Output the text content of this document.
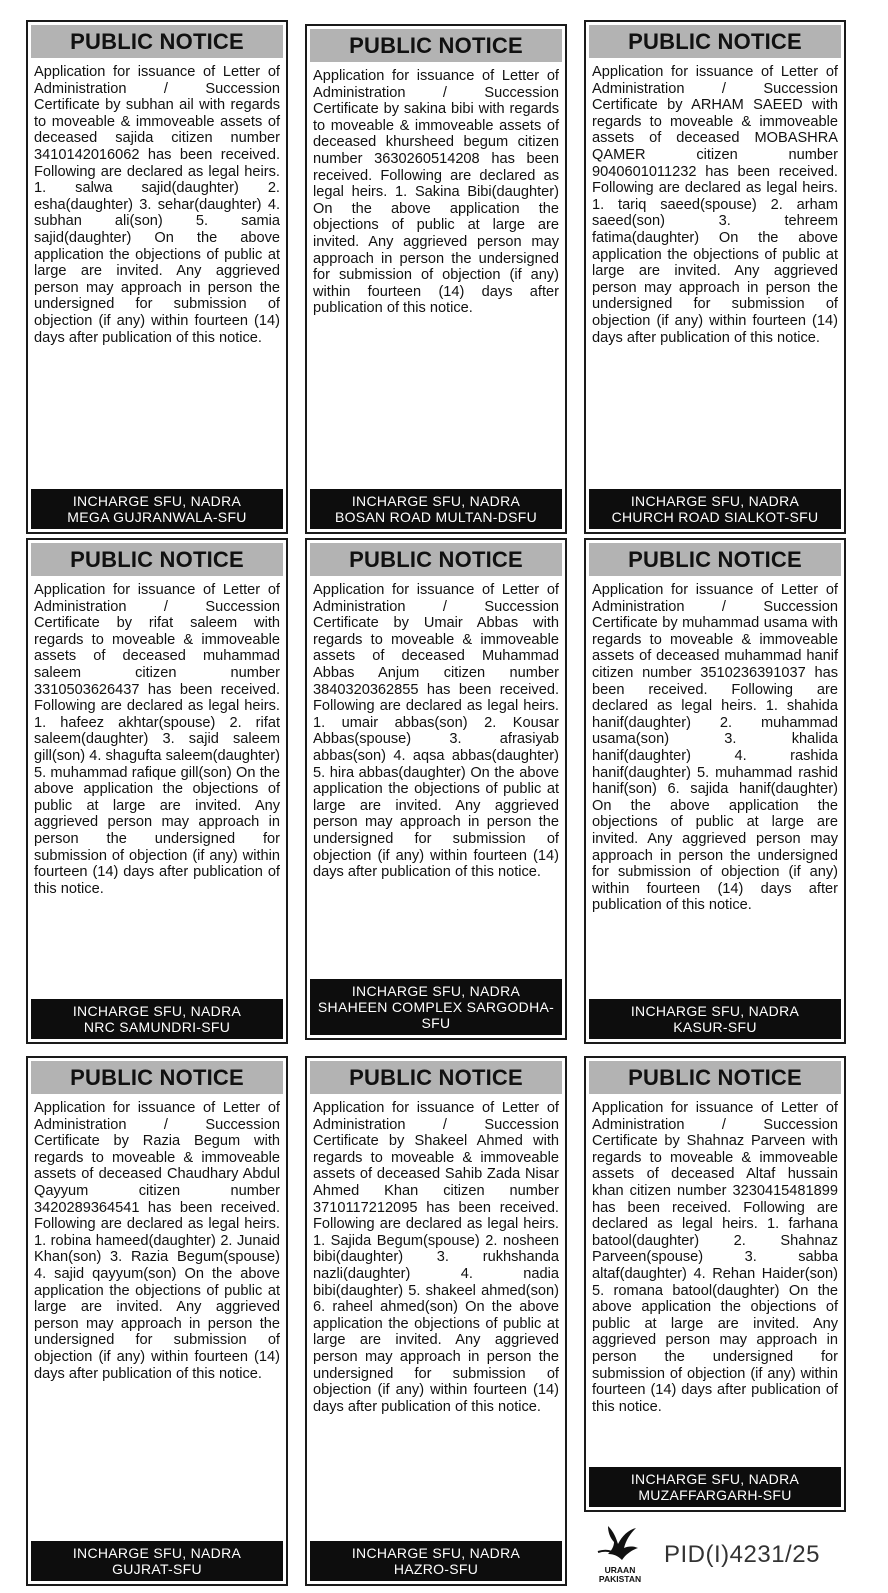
PUBLIC NOTICE
Application for issuance of Letter of Administration / Succession Certificate by subhan ail with regards to moveable & immoveable assets of deceased sajida citizen number 3410142016062 has been received. Following are declared as legal heirs. 1. salwa sajid(daughter) 2. esha(daughter) 3. sehar(daughter) 4. subhan ali(son) 5. samia sajid(daughter) On the above application the objections of public at large are invited. Any aggrieved person may approach in person the undersigned for submission of objection (if any) within fourteen (14) days after publication of this notice.
INCHARGE SFU, NADRA
MEGA GUJRANWALA-SFU
PUBLIC NOTICE
Application for issuance of Letter of Administration / Succession Certificate by sakina bibi with regards to moveable & immoveable assets of deceased khursheed begum citizen number 3630260514208 has been received. Following are declared as legal heirs. 1. Sakina Bibi(daughter) On the above application the objections of public at large are invited. Any aggrieved person may approach in person the undersigned for submission of objection (if any) within fourteen (14) days after publication of this notice.
INCHARGE SFU, NADRA
BOSAN ROAD MULTAN-DSFU
PUBLIC NOTICE
Application for issuance of Letter of Administration / Succession Certificate by ARHAM SAEED with regards to moveable & immoveable assets of deceased MOBASHRA QAMER citizen number 9040601011232 has been received. Following are declared as legal heirs. 1. tariq saeed(spouse) 2. arham saeed(son) 3. tehreem fatima(daughter) On the above application the objections of public at large are invited. Any aggrieved person may approach in person the undersigned for submission of objection (if any) within fourteen (14) days after publication of this notice.
INCHARGE SFU, NADRA
CHURCH ROAD SIALKOT-SFU
PUBLIC NOTICE
Application for issuance of Letter of Administration / Succession Certificate by rifat saleem with regards to moveable & immoveable assets of deceased muhammad saleem citizen number 3310503626437 has been received. Following are declared as legal heirs. 1. hafeez akhtar(spouse) 2. rifat saleem(daughter) 3. sajid saleem gill(son) 4. shagufta saleem(daughter) 5. muhammad rafique gill(son) On the above application the objections of public at large are invited. Any aggrieved person may approach in person the undersigned for submission of objection (if any) within fourteen (14) days after publication of this notice.
INCHARGE SFU, NADRA
NRC SAMUNDRI-SFU
PUBLIC NOTICE
Application for issuance of Letter of Administration / Succession Certificate by Umair Abbas with regards to moveable & immoveable assets of deceased Muhammad Abbas Anjum citizen number 3840320362855 has been received. Following are declared as legal heirs. 1. umair abbas(son) 2. Kousar Abbas(spouse) 3. afrasiyab abbas(son) 4. aqsa abbas(daughter) 5. hira abbas(daughter) On the above application the objections of public at large are invited. Any aggrieved person may approach in person the undersigned for submission of objection (if any) within fourteen (14) days after publication of this notice.
INCHARGE SFU, NADRA
SHAHEEN COMPLEX SARGODHA-SFU
PUBLIC NOTICE
Application for issuance of Letter of Administration / Succession Certificate by muhammad usama with regards to moveable & immoveable assets of deceased muhammad hanif citizen number 3510236391037 has been received. Following are declared as legal heirs. 1. shahida hanif(daughter) 2. muhammad usama(son) 3. khalida hanif(daughter) 4. rashida hanif(daughter) 5. muhammad rashid hanif(son) 6. sajida hanif(daughter) On the above application the objections of public at large are invited. Any aggrieved person may approach in person the undersigned for submission of objection (if any) within fourteen (14) days after publication of this notice.
INCHARGE SFU, NADRA
KASUR-SFU
PUBLIC NOTICE
Application for issuance of Letter of Administration / Succession Certificate by Razia Begum with regards to moveable & immoveable assets of deceased Chaudhary Abdul Qayyum citizen number 3420289364541 has been received. Following are declared as legal heirs. 1. robina hameed(daughter) 2. Junaid Khan(son) 3. Razia Begum(spouse) 4. sajid qayyum(son) On the above application the objections of public at large are invited. Any aggrieved person may approach in person the undersigned for submission of objection (if any) within fourteen (14) days after publication of this notice.
INCHARGE SFU, NADRA
GUJRAT-SFU
PUBLIC NOTICE
Application for issuance of Letter of Administration / Succession Certificate by Shakeel Ahmed with regards to moveable & immoveable assets of deceased Sahib Zada Nisar Ahmed Khan citizen number 3710117212095 has been received. Following are declared as legal heirs. 1. Sajida Begum(spouse) 2. nosheen bibi(daughter) 3. rukhshanda nazli(daughter) 4. nadia bibi(daughter) 5. shakeel ahmed(son) 6. raheel ahmed(son) On the above application the objections of public at large are invited. Any aggrieved person may approach in person the undersigned for submission of objection (if any) within fourteen (14) days after publication of this notice.
INCHARGE SFU, NADRA
HAZRO-SFU
PUBLIC NOTICE
Application for issuance of Letter of Administration / Succession Certificate by Shahnaz Parveen with regards to moveable & immoveable assets of deceased Altaf hussain khan citizen number 3230415481899 has been received. Following are declared as legal heirs. 1. farhana batool(daughter) 2. Shahnaz Parveen(spouse) 3. sabba altaf(daughter) 4. Rehan Haider(son) 5. romana batool(daughter) On the above application the objections of public at large are invited. Any aggrieved person may approach in person the undersigned for submission of objection (if any) within fourteen (14) days after publication of this notice.
INCHARGE SFU, NADRA
MUZAFFARGARH-SFU
URAAN
PAKISTAN
PID(I)4231/25
